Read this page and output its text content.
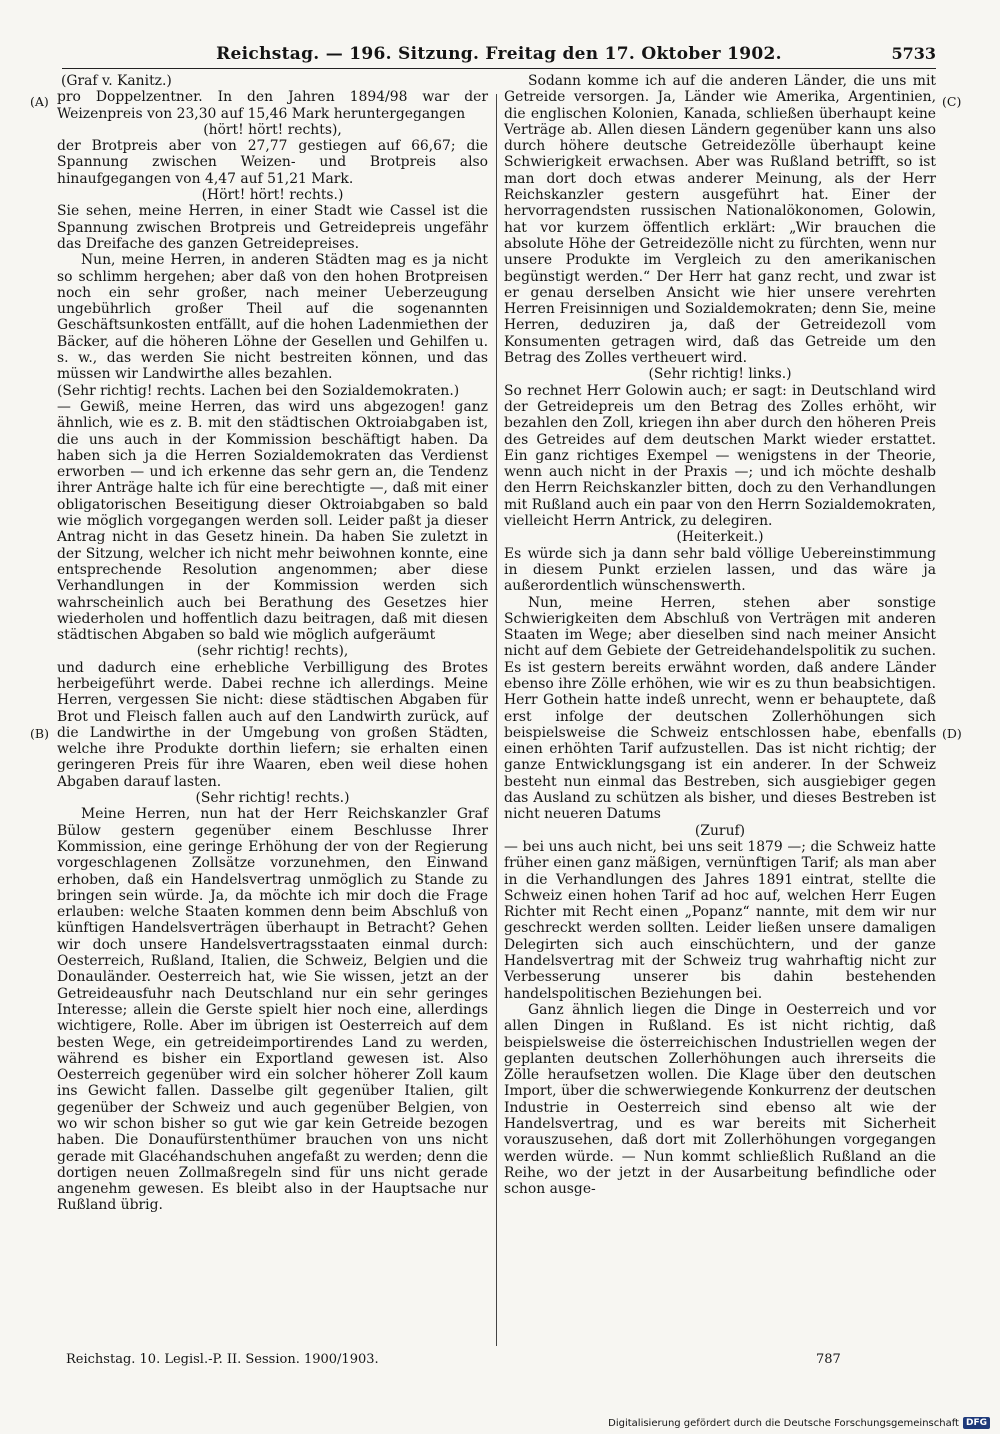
Reichstag. — 196. Sitzung. Freitag den 17. Oktober 1902.	5733
(A)
(B)
(C)
(D)

(Graf v. Kanitz.)

pro Doppelzentner. In den Jahren 1894/98 war der Weizenpreis von 23,30 auf 15,46 Mark heruntergegangen

(hört! hört! rechts),

der Brotpreis aber von 27,77 gestiegen auf 66,67; die Spannung zwischen Weizen- und Brotpreis also hinaufgegangen von 4,47 auf 51,21 Mark.

(Hört! hört! rechts.)

Sie sehen, meine Herren, in einer Stadt wie Cassel ist die Spannung zwischen Brotpreis und Getreidepreis ungefähr das Dreifache des ganzen Getreidepreises.

Nun, meine Herren, in anderen Städten mag es ja nicht so schlimm hergehen; aber daß von den hohen Brotpreisen noch ein sehr großer, nach meiner Ueberzeugung ungebührlich großer Theil auf die sogenannten Geschäftsunkosten entfällt, auf die hohen Ladenmiethen der Bäcker, auf die höheren Löhne der Gesellen und Gehilfen u. s. w., das werden Sie nicht bestreiten können, und das müssen wir Landwirthe alles bezahlen.

(Sehr richtig! rechts. Lachen bei den Sozialdemokraten.)

— Gewiß, meine Herren, das wird uns abgezogen! ganz ähnlich, wie es z. B. mit den städtischen Oktroiabgaben ist, die uns auch in der Kommission beschäftigt haben. Da haben sich ja die Herren Sozialdemokraten das Verdienst erworben — und ich erkenne das sehr gern an, die Tendenz ihrer Anträge halte ich für eine berechtigte —, daß mit einer obligatorischen Beseitigung dieser Oktroiabgaben so bald wie möglich vorgegangen werden soll. Leider paßt ja dieser Antrag nicht in das Gesetz hinein. Da haben Sie zuletzt in der Sitzung, welcher ich nicht mehr beiwohnen konnte, eine entsprechende Resolution angenommen; aber diese Verhandlungen in der Kommission werden sich wahrscheinlich auch bei Berathung des Gesetzes hier wiederholen und hoffentlich dazu beitragen, daß mit diesen städtischen Abgaben so bald wie möglich aufgeräumt

(sehr richtig! rechts),

und dadurch eine erhebliche Verbilligung des Brotes herbeigeführt werde. Dabei rechne ich allerdings. Meine Herren, vergessen Sie nicht: diese städtischen Abgaben für Brot und Fleisch fallen auch auf den Landwirth zurück, auf die Landwirthe in der Umgebung von großen Städten, welche ihre Produkte dorthin liefern; sie erhalten einen geringeren Preis für ihre Waaren, eben weil diese hohen Abgaben darauf lasten.

(Sehr richtig! rechts.)

Meine Herren, nun hat der Herr Reichskanzler Graf Bülow gestern gegenüber einem Beschlusse Ihrer Kommission, eine geringe Erhöhung der von der Regierung vorgeschlagenen Zollsätze vorzunehmen, den Einwand erhoben, daß ein Handelsvertrag unmöglich zu Stande zu bringen sein würde. Ja, da möchte ich mir doch die Frage erlauben: welche Staaten kommen denn beim Abschluß von künftigen Handelsverträgen überhaupt in Betracht? Gehen wir doch unsere Handelsvertragsstaaten einmal durch: Oesterreich, Rußland, Italien, die Schweiz, Belgien und die Donauländer. Oesterreich hat, wie Sie wissen, jetzt an der Getreideausfuhr nach Deutschland nur ein sehr geringes Interesse; allein die Gerste spielt hier noch eine, allerdings wichtigere, Rolle. Aber im übrigen ist Oesterreich auf dem besten Wege, ein getreideimportirendes Land zu werden, während es bisher ein Exportland gewesen ist. Also Oesterreich gegenüber wird ein solcher höherer Zoll kaum ins Gewicht fallen. Dasselbe gilt gegenüber Italien, gilt gegenüber der Schweiz und auch gegenüber Belgien, von wo wir schon bisher so gut wie gar kein Getreide bezogen haben. Die Donaufürstenthümer brauchen von uns nicht gerade mit Glacéhandschuhen angefaßt zu werden; denn die dortigen neuen Zollmaßregeln sind für uns nicht gerade angenehm gewesen. Es bleibt also in der Hauptsache nur Rußland übrig.

Sodann komme ich auf die anderen Länder, die uns mit Getreide versorgen. Ja, Länder wie Amerika, Argentinien, die englischen Kolonien, Kanada, schließen überhaupt keine Verträge ab. Allen diesen Ländern gegenüber kann uns also durch höhere deutsche Getreidezölle überhaupt keine Schwierigkeit erwachsen. Aber was Rußland betrifft, so ist man dort doch etwas anderer Meinung, als der Herr Reichskanzler gestern ausgeführt hat. Einer der hervorragendsten russischen Nationalökonomen, Golowin, hat vor kurzem öffentlich erklärt: „Wir brauchen die absolute Höhe der Getreidezölle nicht zu fürchten, wenn nur unsere Produkte im Vergleich zu den amerikanischen begünstigt werden.“ Der Herr hat ganz recht, und zwar ist er genau derselben Ansicht wie hier unsere verehrten Herren Freisinnigen und Sozialdemokraten; denn Sie, meine Herren, deduziren ja, daß der Getreidezoll vom Konsumenten getragen wird, daß das Getreide um den Betrag des Zolles vertheuert wird.

(Sehr richtig! links.)

So rechnet Herr Golowin auch; er sagt: in Deutschland wird der Getreidepreis um den Betrag des Zolles erhöht, wir bezahlen den Zoll, kriegen ihn aber durch den höheren Preis des Getreides auf dem deutschen Markt wieder erstattet. Ein ganz richtiges Exempel — wenigstens in der Theorie, wenn auch nicht in der Praxis —; und ich möchte deshalb den Herrn Reichskanzler bitten, doch zu den Verhandlungen mit Rußland auch ein paar von den Herrn Sozialdemokraten, vielleicht Herrn Antrick, zu delegiren.

(Heiterkeit.)

Es würde sich ja dann sehr bald völlige Uebereinstimmung in diesem Punkt erzielen lassen, und das wäre ja außerordentlich wünschenswerth.

Nun, meine Herren, stehen aber sonstige Schwierigkeiten dem Abschluß von Verträgen mit anderen Staaten im Wege; aber dieselben sind nach meiner Ansicht nicht auf dem Gebiete der Getreidehandelspolitik zu suchen. Es ist gestern bereits erwähnt worden, daß andere Länder ebenso ihre Zölle erhöhen, wie wir es zu thun beabsichtigen. Herr Gothein hatte indeß unrecht, wenn er behauptete, daß erst infolge der deutschen Zollerhöhungen sich beispielsweise die Schweiz entschlossen habe, ebenfalls einen erhöhten Tarif aufzustellen. Das ist nicht richtig; der ganze Entwicklungsgang ist ein anderer. In der Schweiz besteht nun einmal das Bestreben, sich ausgiebiger gegen das Ausland zu schützen als bisher, und dieses Bestreben ist nicht neueren Datums

(Zuruf)

— bei uns auch nicht, bei uns seit 1879 —; die Schweiz hatte früher einen ganz mäßigen, vernünftigen Tarif; als man aber in die Verhandlungen des Jahres 1891 eintrat, stellte die Schweiz einen hohen Tarif ad hoc auf, welchen Herr Eugen Richter mit Recht einen „Popanz“ nannte, mit dem wir nur geschreckt werden sollten. Leider ließen unsere damaligen Delegirten sich auch einschüchtern, und der ganze Handelsvertrag mit der Schweiz trug wahrhaftig nicht zur Verbesserung unserer bis dahin bestehenden handelspolitischen Beziehungen bei.

Ganz ähnlich liegen die Dinge in Oesterreich und vor allen Dingen in Rußland. Es ist nicht richtig, daß beispielsweise die österreichischen Industriellen wegen der geplanten deutschen Zollerhöhungen auch ihrerseits die Zölle heraufsetzen wollen. Die Klage über den deutschen Import, über die schwerwiegende Konkurrenz der deutschen Industrie in Oesterreich sind ebenso alt wie der Handelsvertrag, und es war bereits mit Sicherheit vorauszusehen, daß dort mit Zollerhöhungen vorgegangen werden würde. — Nun kommt schließlich Rußland an die Reihe, wo der jetzt in der Ausarbeitung befindliche oder schon ausge-

Reichstag. 10. Legisl.-P. II. Session. 1900/1903.	787
Digitalisierung gefördert durch die Deutsche Forschungsgemeinschaft DFG
